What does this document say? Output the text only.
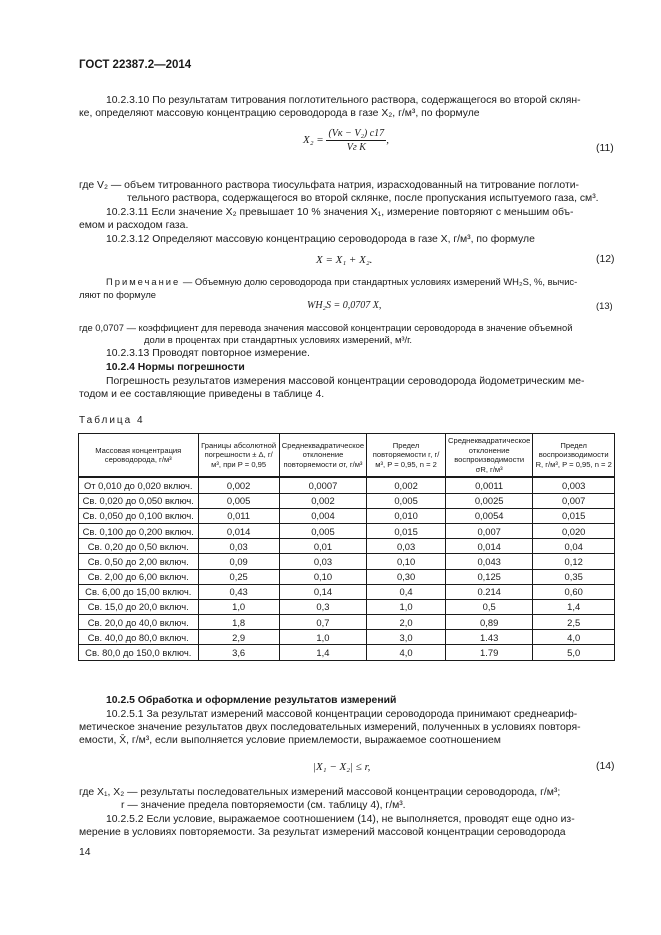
ГОСТ 22387.2—2014
10.2.3.10 По результатам титрования поглотительного раствора, содержащегося во второй склян-
ке, определяют массовую концентрацию сероводорода в газе X₂, г/м³, по формуле
$X_2 = \frac{\text{(Vк − V₂) c17}}{\text{Vг K}}$ ,
(11)
где V₂ — объем титрованного раствора тиосульфата натрия, израсходованный на титрование поглоти-
тельного раствора, содержащегося во второй склянке, после пропускания испытуемого газа, см³.
10.2.3.11 Если значение X₂ превышает 10 % значения X₁, измерение повторяют с меньшим объ-
емом и расходом газа.
10.2.3.12 Определяют массовую концентрацию сероводорода в газе X, г/м³, по формуле
X = X₁ + X₂.	(12)
Примечание — Объемную долю сероводорода при стандартных условиях измерений WH₂S, %, вычис-
ляют по формуле
WH₂S = 0,0707 X,	(13)
где 0,0707 — коэффициент для перевода значения массовой концентрации сероводорода в значение объемной
доли в процентах при стандартных условиях измерений, м³/г.
10.2.3.13 Проводят повторное измерение.
10.2.4 Нормы погрешности
Погрешность результатов измерения массовой концентрации сероводорода йодометрическим ме-
тодом и ее составляющие приведены в таблице 4.
Таблица 4
Массовая концентрация сероводорода, г/м³	Границы абсолютной погрешности ± Δ, г/м³, при P = 0,95	Среднеквадратическое отклонение повторяемости σr, г/м³	Предел повторяемости r, г/м³, P = 0,95, n = 2	Среднеквадратическое отклонение воспроизводимости σR, г/м³	Предел воспроизводимости R, г/м³, P = 0,95, n = 2
От 0,010 до 0,020 включ.	0,002	0,0007	0,002	0,0011	0,003
Св. 0,020 до 0,050 включ.	0,005	0,002	0,005	0,0025	0,007
Св. 0,050 до 0,100 включ.	0,011	0,004	0,010	0,0054	0,015
Св. 0,100 до 0,200 включ.	0,014	0,005	0,015	0,007	0,020
Св. 0,20 до 0,50 включ.	0,03	0,01	0,03	0,014	0,04
Св. 0,50 до 2,00 включ.	0,09	0,03	0,10	0,043	0,12
Св. 2,00 до 6,00 включ.	0,25	0,10	0,30	0,125	0,35
Св. 6,00 до 15,00 включ.	0,43	0,14	0,4	0.214	0,60
Св. 15,0 до 20,0 включ.	1,0	0,3	1,0	0,5	1,4
Св. 20,0 до 40,0 включ.	1,8	0,7	2,0	0,89	2,5
Св. 40,0 до 80,0 включ.	2,9	1,0	3,0	1.43	4,0
Св. 80,0 до 150,0 включ.	3,6	1,4	4,0	1.79	5,0
10.2.5 Обработка и оформление результатов измерений
10.2.5.1 За результат измерений массовой концентрации сероводорода принимают среднеариф-
метическое значение результатов двух последовательных измерений, полученных в условиях повторя-
емости, X̄, г/м³, если выполняется условие приемлемости, выражаемое соотношением
|X₁ − X₂| ≤ r,	(14)
где X₁, X₂ — результаты последовательных измерений массовой концентрации сероводорода, г/м³;
r — значение предела повторяемости (см. таблицу 4), г/м³.
10.2.5.2 Если условие, выражаемое соотношением (14), не выполняется, проводят еще одно из-
мерение в условиях повторяемости. За результат измерений массовой концентрации сероводорода
14
